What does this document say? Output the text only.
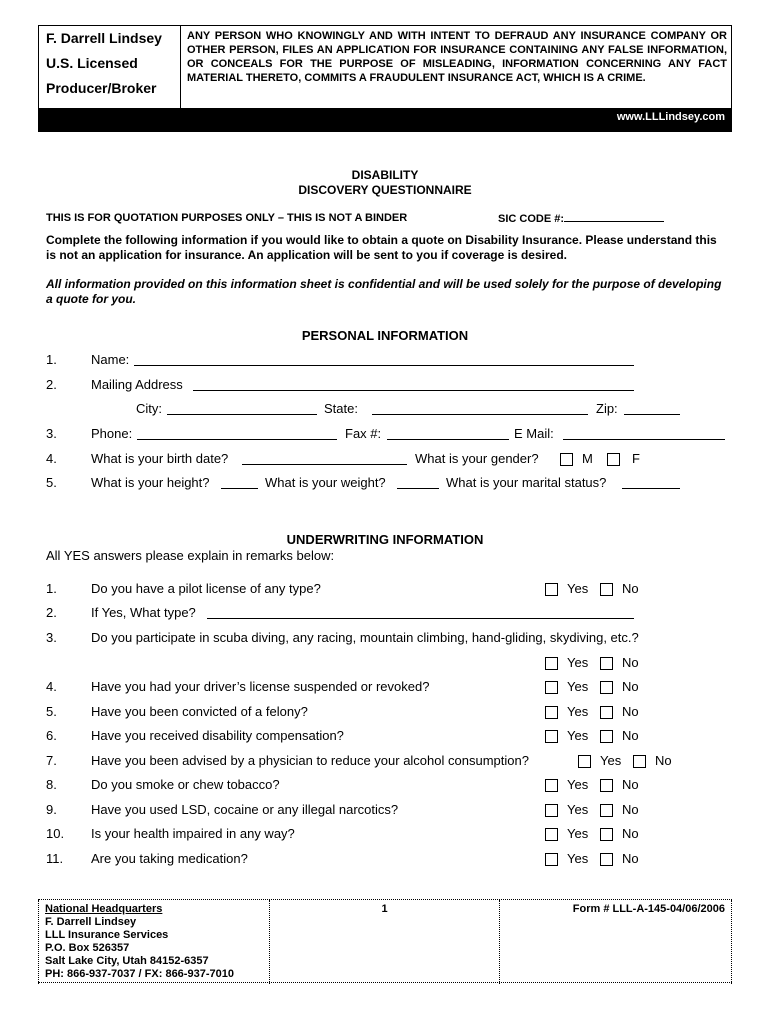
F. Darrell Lindsey
U.S. Licensed
Producer/Broker
ANY PERSON WHO KNOWINGLY AND WITH INTENT TO DEFRAUD ANY INSURANCE COMPANY OR OTHER PERSON, FILES AN APPLICATION FOR INSURANCE CONTAINING ANY FALSE INFORMATION, OR CONCEALS FOR THE PURPOSE OF MISLEADING, INFORMATION CONCERNING ANY FACT MATERIAL THERETO, COMMITS A FRAUDULENT INSURANCE ACT, WHICH IS A CRIME.
www.LLLindsey.com
DISABILITY
DISCOVERY QUESTIONNAIRE
THIS IS FOR QUOTATION PURPOSES ONLY – THIS IS NOT A BINDER	SIC CODE #:
Complete the following information if you would like to obtain a quote on Disability Insurance. Please understand this is not an application for insurance. An application will be sent to you if coverage is desired.
All information provided on this information sheet is confidential and will be used solely for the purpose of developing a quote for you.
PERSONAL INFORMATION
1.	Name:
2.	Mailing Address
City:	State:	Zip:
3.	Phone:	Fax #:	E Mail:
4.	What is your birth date?	What is your gender?	M	F
5.	What is your height?	What is your weight?	What is your marital status?
UNDERWRITING INFORMATION
All YES answers please explain in remarks below:
1.	Do you have a pilot license of any type?	Yes	No
2.	If Yes, What type?
3.	Do you participate in scuba diving, any racing, mountain climbing, hand-gliding, skydiving, etc.?
Yes	No
4.	Have you had your driver’s license suspended or revoked?	Yes	No
5.	Have you been convicted of a felony?	Yes	No
6.	Have you received disability compensation?	Yes	No
7.	Have you been advised by a physician to reduce your alcohol consumption?	Yes	No
8.	Do you smoke or chew tobacco?	Yes	No
9.	Have you used LSD, cocaine or any illegal narcotics?	Yes	No
10. Is your health impaired in any way?	Yes	No
11. Are you taking medication?	Yes	No
National Headquarters
F. Darrell Lindsey
LLL Insurance Services
P.O. Box 526357
Salt Lake City, Utah 84152-6357
PH: 866-937-7037 / FX: 866-937-7010
1	Form # LLL-A-145-04/06/2006
